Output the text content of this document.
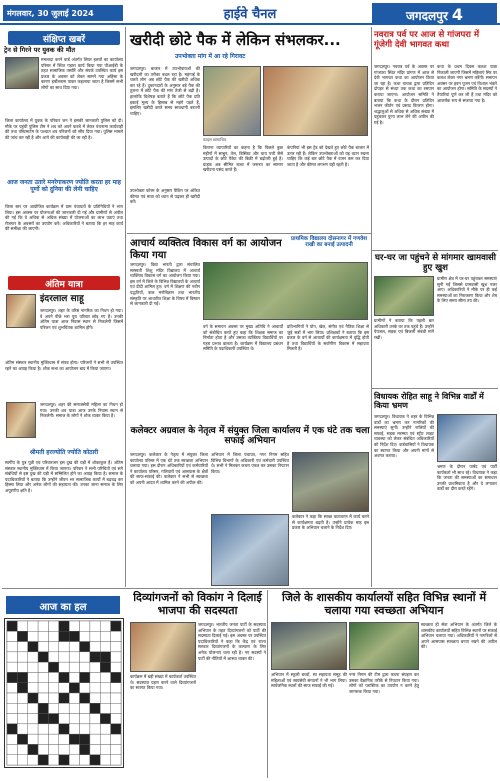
मंगलवार, 30 जुलाई 2024	हाईवे चैनल	जगदलपुर 4
संक्षिप्त खबरें
ट्रेन से गिरने पर युवक की मौत
ममलादा करने वार्ड अंतर्गत लियर हलयों का कार्यालय परिसर में स्थित गड़ारा कार्य किया गया पीआईडी के तहत सामाजिक तस्वीरें और संपर्क उपस्थित कार्य इस प्रकार के अवसर को लेकर सामने गया अहिंसा के कारण हर्षोल्लास पाकर कहलाया जाता है जिसमें सभी लोगों का साथ दिया गया।
जिला कार्यालय में युवक के परिवार जन ने इसकी जानकारी पुलिस को दी। मौके पर पहुंची पुलिस टीम ने शव को अपने कब्जे में लेकर पंचनामा कार्यवाही की तथा पोस्टमार्टम के पश्चात शव परिजनों को सौंप दिया गया। पुलिस मामले की जांच कर रही है और आगे की कार्यवाही की जा रही है।
आज जनता उतारे मनरेगाकरण ज्योति करता हर माह पूर्णो को दुनिया की लेनी चाहिए
जिला स्तर पर आयोजित कार्यक्रम में ग्राम पंचायतों के प्रतिनिधियों ने भाग लिया। इस अवसर पर योजनाओं की जानकारी दी गई और ग्रामीणों से अपील की गई कि वे अधिक से अधिक संख्या में योजनाओं का लाभ उठाएं तथा रोजगार के अवसरों का उपयोग करें। अधिकारियों ने बताया कि हर माह कार्य की समीक्षा की जाएगी।
अंतिम यात्रा
इंदरलाल साहू
जगदलपुर। शहर के वरिष्ठ नागरिक का निधन हो गया। वे अपने पीछे भरा पूरा परिवार छोड़ गए हैं। उनकी अंतिम यात्रा आज निवास स्थान से निकलेगी जिसमें परिजन एवं शुभचिंतक शामिल होंगे।
अंतिम संस्कार स्थानीय मुक्तिधाम में संपन्न होगा। परिजनों ने सभी से उपस्थित रहने का आग्रह किया है। शोक सभा का आयोजन बाद में किया जाएगा।
जगदलपुर। शहर की समाजसेवी महिला का निधन हो गया। उनकी शव यात्रा आज उनके निवास स्थान से निकलेगी। समाज के लोगों ने शोक व्यक्त किया है।
श्रीमती हरज्योति ज्योति कोठारी
स्वर्गीय के पुत्र पुत्री एवं परिवारजन इस दुख की घड़ी में शोकाकुल हैं। अंतिम संस्कार स्थानीय मुक्तिधाम में किया जाएगा। परिवार ने सभी परिचितों एवं सगे संबंधियों से इस दुख की घड़ी में सम्मिलित होने का आग्रह किया है। समाज के पदाधिकारियों ने बताया कि उन्होंने जीवन भर सामाजिक कार्यों में बढ़चढ़ कर हिस्सा लिया और अनेक लोगों की सहायता की। उनका जाना समाज के लिए अपूरणीय क्षति है।
आज का हल
खरीदी छोटे पैक में लेकिन संभलकर...
उपभोक्ता मांग में आ रहे गिरावट
जगदलपुर। बाजार में उपभोक्ताओं की खरीदारी का तरीका बदल रहा है। महंगाई के चलते लोग अब छोटे पैक की खरीदी अधिक कर रहे हैं। दुकानदारों के अनुसार बड़े पैक की तुलना में छोटे पैक की मांग तेजी से बढ़ी है। हालांकि विशेषज्ञ बताते हैं कि छोटे पैक प्रति इकाई मूल्य के हिसाब से महंगे पड़ते हैं, इसलिए खरीदी करते समय सावधानी बरतनी चाहिए।
फाइल छायाचित्र
उपभोक्ता फोरम के अनुसार पैकिंग पर अंकित कीमत एवं मात्रा को ध्यान से पढ़कर ही खरीदी करें।
किराना व्यापारियों का कहना है कि पिछले कुछ महीनों में साबुन, तेल, बिस्किट और चाय पत्ती जैसे उत्पादों के छोटे पैकेट की बिक्री में बढ़ोतरी हुई है। ग्राहक अब सीमित बजट में जरूरत का सामान खरीदना पसंद करते हैं।
कंपनियां भी इस ट्रेंड को देखते हुए छोटे पैक बाजार में उतार रही हैं। लेकिन उपभोक्ताओं को यह ध्यान रखना चाहिए कि कई बार छोटे पैक में वजन कम कर दिया जाता है और कीमत लगभग वही रहती है।
आचार्य व्यक्तित्व विकास वर्ग का आयोजन किया गया
जगदलपुर। विद्या भारती द्वारा संचालित सरस्वती शिशु मंदिर विद्यालय में आचार्य व्यक्तित्व विकास वर्ग का आयोजन किया गया। इस वर्ग में जिले के विभिन्न विद्यालयों के आचार्य एवं दीदी शामिल हुए। वर्ग में शिक्षण की नवीन पद्धतियों, बाल मनोविज्ञान तथा भारतीय संस्कृति पर आधारित शिक्षा के विषय में विस्तार से जानकारी दी गई।
वर्ग के समापन अवसर पर मुख्य अतिथि ने आचार्यों को संबोधित करते हुए कहा कि शिक्षक समाज का निर्माता होता है और उसका व्यक्तित्व विद्यार्थियों पर गहरा प्रभाव डालता है। कार्यक्रम में विद्यालय प्रबंधन समिति के पदाधिकारी उपस्थित थे।
प्रतिभागियों ने योग, खेल, संगीत एवं नैतिक शिक्षा से जुड़े सत्रों में भाग लिया। प्रशिक्षकों ने बताया कि इस प्रकार के वर्ग से आचार्यों की कार्यक्षमता में वृद्धि होती है तथा विद्यार्थियों के सर्वांगीण विकास में सहायता मिलती है।
प्राथमिक विद्यालय दोसनागर में गणवेश राखी का बनाई उत्पादनी
कलेक्टर अग्रवाल के नेतृत्व में संयुक्त जिला कार्यालय में एक घंटे तक चला सफाई अभियान
जगदलपुर। कलेक्टर के नेतृत्व में संयुक्त जिला कार्यालय परिसर में एक घंटे तक स्वच्छता अभियान चलाया गया। इस दौरान अधिकारियों एवं कर्मचारियों ने कार्यालय परिसर, गलियारों एवं आसपास के क्षेत्रों की साफ-सफाई की। कलेक्टर ने सभी से स्वच्छता को अपनी आदत में शामिल करने की अपील की।
अभियान में जिला पंचायत, नगर निगम सहित विभिन्न विभागों के अधिकारी एवं कर्मचारी उपस्थित थे। सभी ने मिलकर कचरा एकत्र कर उसका निपटान किया।
कलेक्टर ने कहा कि स्वच्छ वातावरण में कार्य करने से कार्यक्षमता बढ़ती है। उन्होंने प्रत्येक माह इस प्रकार के अभियान चलाने के निर्देश दिए।
नवरात्र पर्व पर आज से गांजपरा में गूंजेगी देवी भागवत कथा
जगदलपुर। नवरात्र पर्व के अवसर पर गांजपरा स्थित मंदिर प्रांगण में आज से देवी भागवत कथा का आयोजन किया जा रहा है। कथा वाचक द्वारा प्रतिदिन दोपहर से संध्या तक कथा का रसपान कराया जाएगा। आयोजन समिति ने बताया कि कथा के दौरान प्रतिदिन भजन कीर्तन एवं प्रसाद वितरण होगा। श्रद्धालुओं से अधिक से अधिक संख्या में पहुंचकर पुण्य लाभ लेने की अपील की गई है।
कथा के प्रथम दिवस कलश यात्रा निकाली जाएगी जिसमें महिलाएं सिर पर कलश लेकर नगर भ्रमण करेंगी। समापन अवसर पर हवन पूजन एवं विशाल भंडारे का आयोजन होगा। समिति के सदस्यों ने तैयारियां पूर्ण कर ली हैं तथा मंदिर को आकर्षक रूप से सजाया गया है।
घर-घर जा पहुंचने से मांगमार खामवासी हुए खुश
ग्रामीण क्षेत्र में घर-घर पहुंचकर समस्याएं सुनी गईं जिससे ग्रामवासी खुश नजर आए। अधिकारियों ने मौके पर ही कई समस्याओं का निराकरण किया और शेष के लिए समय सीमा तय की।
ग्रामीणों ने बताया कि पहली बार अधिकारी उनके घर तक पहुंचे हैं। उन्होंने पेयजल, सड़क एवं बिजली संबंधी मांगें रखीं।
विधायक रोहित साहू ने विभिन्न वार्डों में किया भ्रमण
जगदलपुर। विधायक ने शहर के विभिन्न वार्डों का भ्रमण कर नागरिकों की समस्याएं सुनीं। उन्होंने नालियों की सफाई, सड़क मरम्मत एवं स्ट्रीट लाइट व्यवस्था को लेकर संबंधित अधिकारियों को निर्देश दिए। वार्डवासियों ने विधायक का स्वागत किया और अपनी मांगों से अवगत कराया।
भ्रमण के दौरान पार्षद एवं पार्टी कार्यकर्ता भी साथ रहे। विधायक ने कहा कि जनता की समस्याओं का समाधान उनकी प्राथमिकता है और वे लगातार वार्डों का दौरा करते रहेंगे।
दिव्यांगजनों को विकांग ने दिलाई भाजपा की सदस्यता
जगदलपुर। भारतीय जनता पार्टी के सदस्यता अभियान के तहत दिव्यांगजनों को पार्टी की सदस्यता दिलाई गई। इस अवसर पर उपस्थित पदाधिकारियों ने कहा कि केंद्र एवं राज्य सरकार दिव्यांगजनों के कल्याण के लिए अनेक योजनाएं चला रही है। नए सदस्यों ने पार्टी की नीतियों में आस्था व्यक्त की।
कार्यक्रम में बड़ी संख्या में कार्यकर्ता उपस्थित थे। सदस्यता ग्रहण करने वाले दिव्यांगजनों का स्वागत किया गया।
जिले के शासकीय कार्यालयों सहित विभिन्न स्थानों में चलाया गया स्वच्छता अभियान
स्वच्छता ही सेवा अभियान के अंतर्गत जिले के शासकीय कार्यालयों सहित विभिन्न स्थानों पर सफाई अभियान चलाया गया। अधिकारियों ने नागरिकों से अपने आसपास स्वच्छता बनाए रखने की अपील की।
अभियान में स्कूली बच्चों, स्व सहायता समूह की महिलाओं एवं स्वयंसेवी संगठनों ने भी भाग लिया। सार्वजनिक स्थलों की साफ सफाई की गई।
नगर निगम की टीम द्वारा कचरा संग्रहण कर उसका वैज्ञानिक तरीके से निपटान किया गया। लोगों को प्लास्टिक का उपयोग न करने हेतु जागरूक किया गया।
